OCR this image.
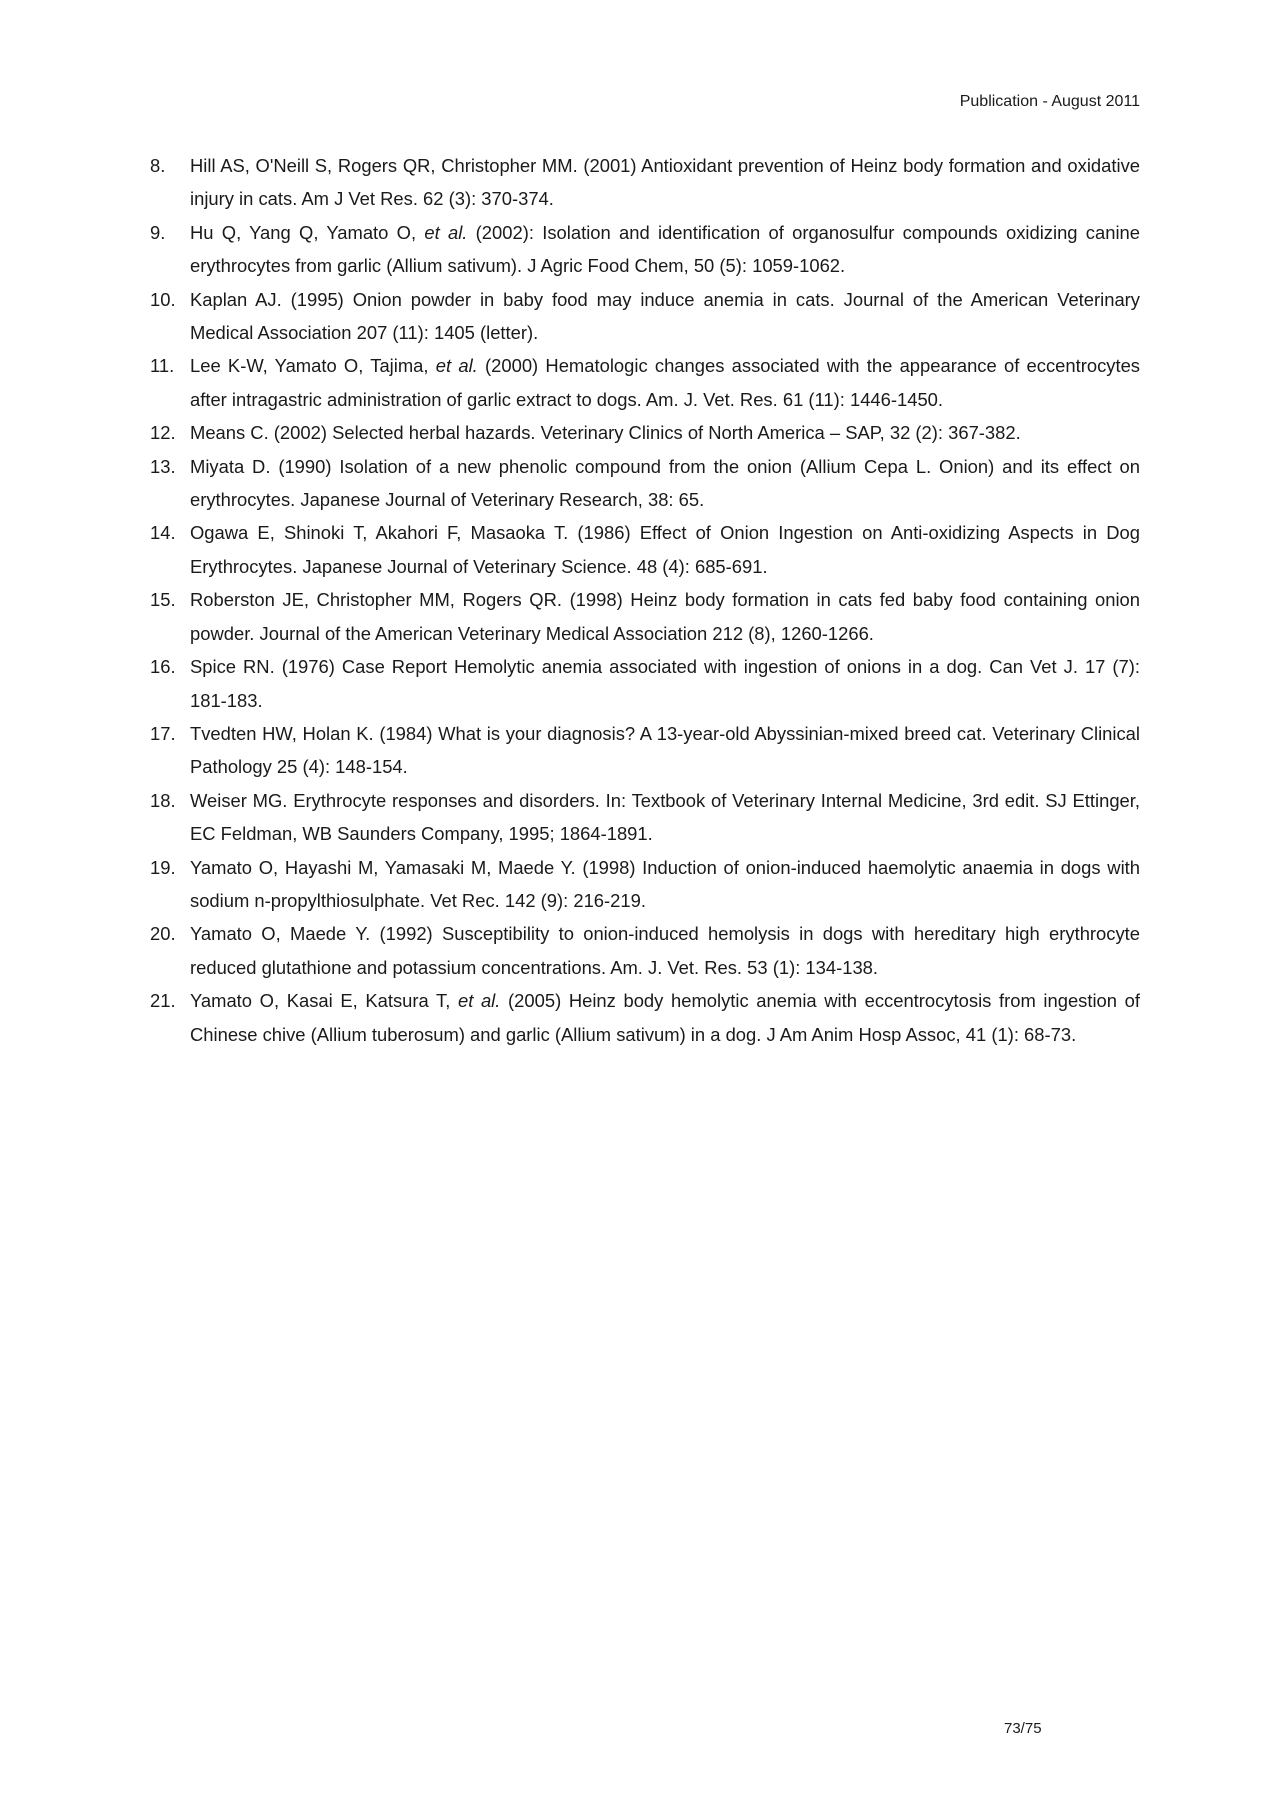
Publication - August 2011
8. Hill AS, O'Neill S, Rogers QR, Christopher MM. (2001) Antioxidant prevention of Heinz body formation and oxidative injury in cats. Am J Vet Res. 62 (3): 370-374.
9. Hu Q, Yang Q, Yamato O, et al. (2002): Isolation and identification of organosulfur compounds oxidizing canine erythrocytes from garlic (Allium sativum). J Agric Food Chem, 50 (5): 1059-1062.
10. Kaplan AJ. (1995) Onion powder in baby food may induce anemia in cats. Journal of the American Veterinary Medical Association 207 (11): 1405 (letter).
11. Lee K-W, Yamato O, Tajima, et al. (2000) Hematologic changes associated with the appearance of eccentrocytes after intragastric administration of garlic extract to dogs. Am. J. Vet. Res. 61 (11): 1446-1450.
12. Means C. (2002) Selected herbal hazards. Veterinary Clinics of North America – SAP, 32 (2): 367-382.
13. Miyata D. (1990) Isolation of a new phenolic compound from the onion (Allium Cepa L. Onion) and its effect on erythrocytes. Japanese Journal of Veterinary Research, 38: 65.
14. Ogawa E, Shinoki T, Akahori F, Masaoka T. (1986) Effect of Onion Ingestion on Anti-oxidizing Aspects in Dog Erythrocytes. Japanese Journal of Veterinary Science. 48 (4): 685-691.
15. Roberston JE, Christopher MM, Rogers QR. (1998) Heinz body formation in cats fed baby food containing onion powder. Journal of the American Veterinary Medical Association 212 (8), 1260-1266.
16. Spice RN. (1976) Case Report Hemolytic anemia associated with ingestion of onions in a dog. Can Vet J. 17 (7): 181-183.
17. Tvedten HW, Holan K. (1984) What is your diagnosis? A 13-year-old Abyssinian-mixed breed cat. Veterinary Clinical Pathology 25 (4): 148-154.
18. Weiser MG. Erythrocyte responses and disorders. In: Textbook of Veterinary Internal Medicine, 3rd edit. SJ Ettinger, EC Feldman, WB Saunders Company, 1995; 1864-1891.
19. Yamato O, Hayashi M, Yamasaki M, Maede Y. (1998) Induction of onion-induced haemolytic anaemia in dogs with sodium n-propylthiosulphate. Vet Rec. 142 (9): 216-219.
20. Yamato O, Maede Y. (1992) Susceptibility to onion-induced hemolysis in dogs with hereditary high erythrocyte reduced glutathione and potassium concentrations. Am. J. Vet. Res. 53 (1): 134-138.
21. Yamato O, Kasai E, Katsura T, et al. (2005) Heinz body hemolytic anemia with eccentrocytosis from ingestion of Chinese chive (Allium tuberosum) and garlic (Allium sativum) in a dog. J Am Anim Hosp Assoc, 41 (1): 68-73.
73/75
